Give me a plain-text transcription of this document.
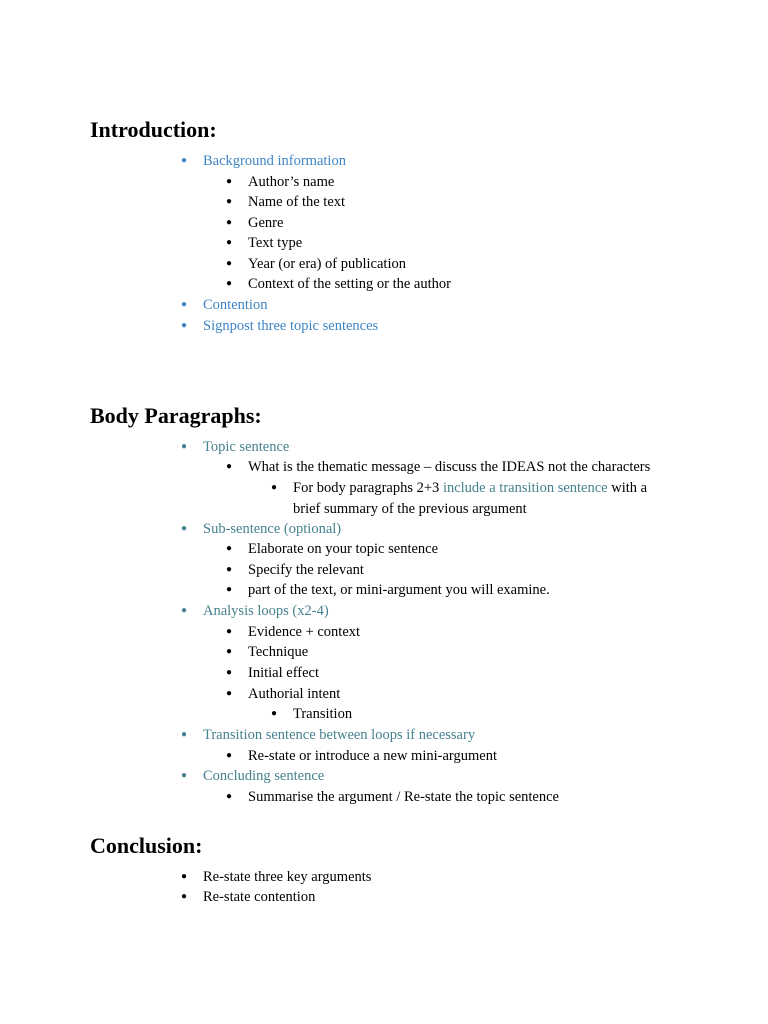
Introduction:
● Background information
● Author’s name
● Name of the text
● Genre
● Text type
● Year (or era) of publication
● Context of the setting or the author
● Contention
● Signpost three topic sentences
Body Paragraphs:
● Topic sentence
● What is the thematic message – discuss the IDEAS not the characters
● For body paragraphs 2+3 include a transition sentence with a
brief summary of the previous argument
● Sub-sentence (optional)
● Elaborate on your topic sentence
● Specify the relevant
● part of the text, or mini-argument you will examine.
● Analysis loops (x2-4)
● Evidence + context
● Technique
● Initial effect
● Authorial intent
● Transition
● Transition sentence between loops if necessary
● Re-state or introduce a new mini-argument
● Concluding sentence
● Summarise the argument / Re-state the topic sentence
Conclusion:
● Re-state three key arguments
● Re-state contention
